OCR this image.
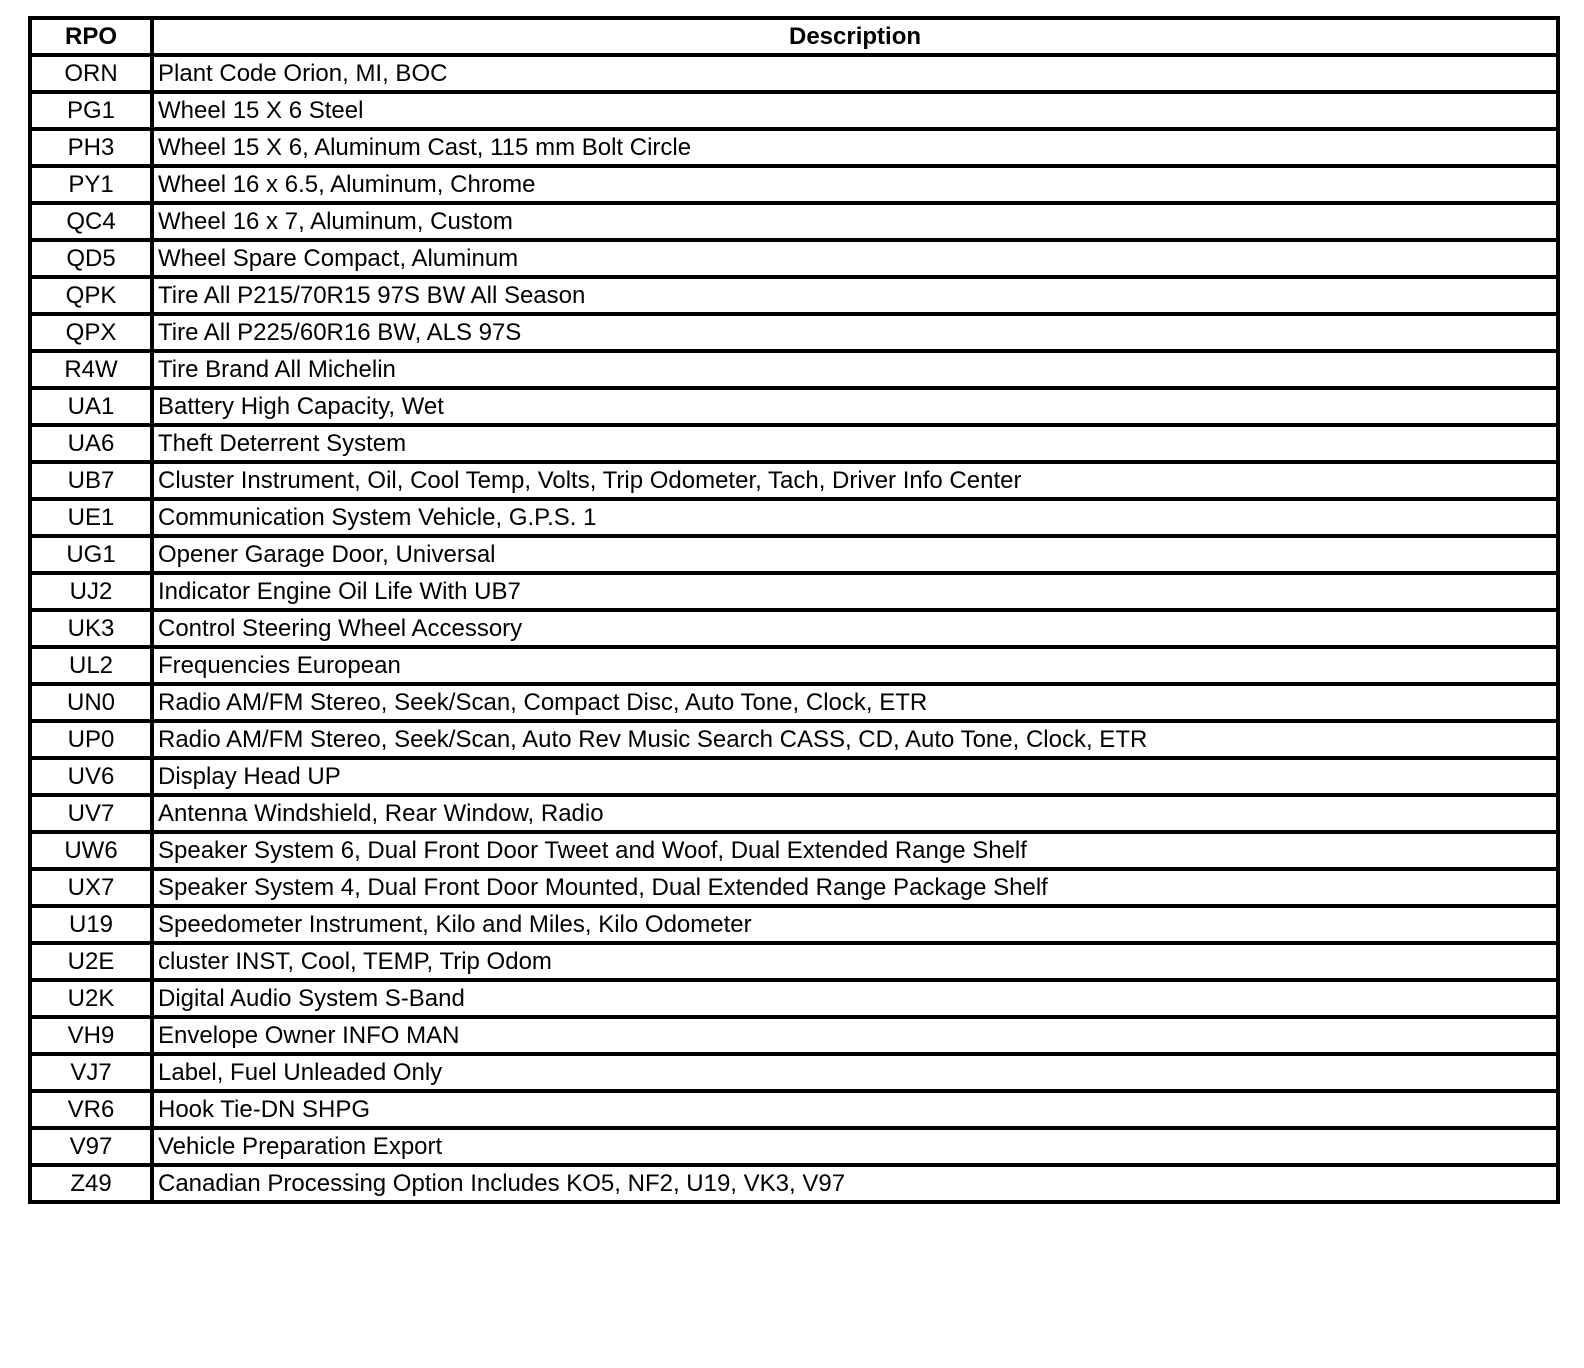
RPO	Description
ORN	Plant Code Orion, MI, BOC
PG1	Wheel 15 X 6 Steel
PH3	Wheel 15 X 6, Aluminum Cast, 115 mm Bolt Circle
PY1	Wheel 16 x 6.5, Aluminum, Chrome
QC4	Wheel 16 x 7, Aluminum, Custom
QD5	Wheel Spare Compact, Aluminum
QPK	Tire All P215/70R15 97S BW All Season
QPX	Tire All P225/60R16 BW, ALS 97S
R4W	Tire Brand All Michelin
UA1	Battery High Capacity, Wet
UA6	Theft Deterrent System
UB7	Cluster Instrument, Oil, Cool Temp, Volts, Trip Odometer, Tach, Driver Info Center
UE1	Communication System Vehicle, G.P.S. 1
UG1	Opener Garage Door, Universal
UJ2	Indicator Engine Oil Life With UB7
UK3	Control Steering Wheel Accessory
UL2	Frequencies European
UN0	Radio AM/FM Stereo, Seek/Scan, Compact Disc, Auto Tone, Clock, ETR
UP0	Radio AM/FM Stereo, Seek/Scan, Auto Rev Music Search CASS, CD, Auto Tone, Clock, ETR
UV6	Display Head UP
UV7	Antenna Windshield, Rear Window, Radio
UW6	Speaker System 6, Dual Front Door Tweet and Woof, Dual Extended Range Shelf
UX7	Speaker System 4, Dual Front Door Mounted, Dual Extended Range Package Shelf
U19	Speedometer Instrument, Kilo and Miles, Kilo Odometer
U2E	cluster INST, Cool, TEMP, Trip Odom
U2K	Digital Audio System S-Band
VH9	Envelope Owner INFO MAN
VJ7	Label, Fuel Unleaded Only
VR6	Hook Tie-DN SHPG
V97	Vehicle Preparation Export
Z49	Canadian Processing Option Includes KO5, NF2, U19, VK3, V97
